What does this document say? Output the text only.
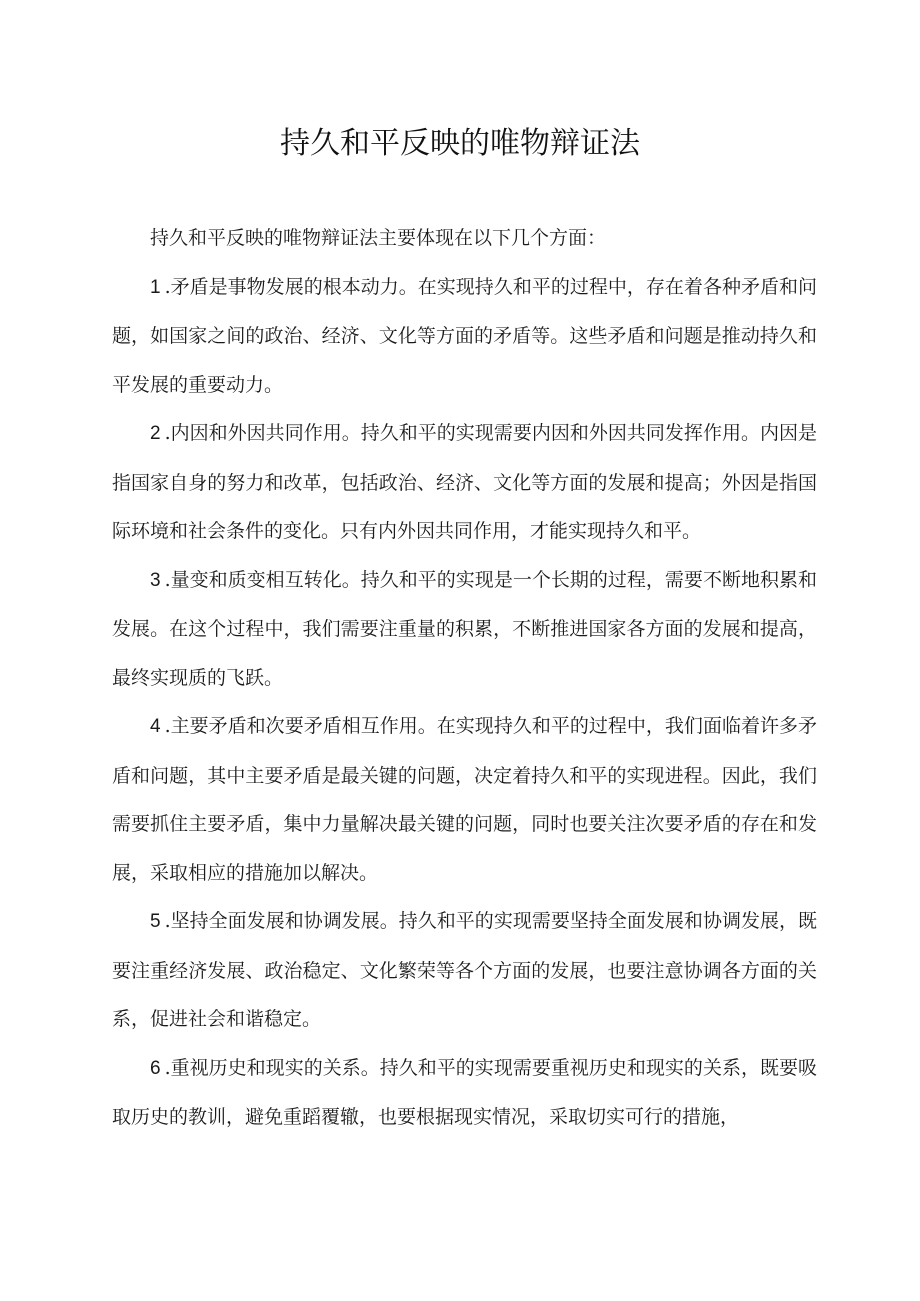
持久和平反映的唯物辩证法

持久和平反映的唯物辩证法主要体现在以下几个方面：

1 .矛盾是事物发展的根本动力。在实现持久和平的过程中，存在着各种矛盾和问题，如国家之间的政治、经济、文化等方面的矛盾等。这些矛盾和问题是推动持久和平发展的重要动力。

2 .内因和外因共同作用。持久和平的实现需要内因和外因共同发挥作用。内因是指国家自身的努力和改革，包括政治、经济、文化等方面的发展和提高；外因是指国际环境和社会条件的变化。只有内外因共同作用，才能实现持久和平。

3 .量变和质变相互转化。持久和平的实现是一个长期的过程，需要不断地积累和发展。在这个过程中，我们需要注重量的积累，不断推进国家各方面的发展和提高，最终实现质的飞跃。

4 .主要矛盾和次要矛盾相互作用。在实现持久和平的过程中，我们面临着许多矛盾和问题，其中主要矛盾是最关键的问题，决定着持久和平的实现进程。因此，我们需要抓住主要矛盾，集中力量解决最关键的问题，同时也要关注次要矛盾的存在和发展，采取相应的措施加以解决。

5 .坚持全面发展和协调发展。持久和平的实现需要坚持全面发展和协调发展，既要注重经济发展、政治稳定、文化繁荣等各个方面的发展，也要注意协调各方面的关系，促进社会和谐稳定。

6 .重视历史和现实的关系。持久和平的实现需要重视历史和现实的关系，既要吸取历史的教训，避免重蹈覆辙，也要根据现实情况，采取切实可行的措施，
